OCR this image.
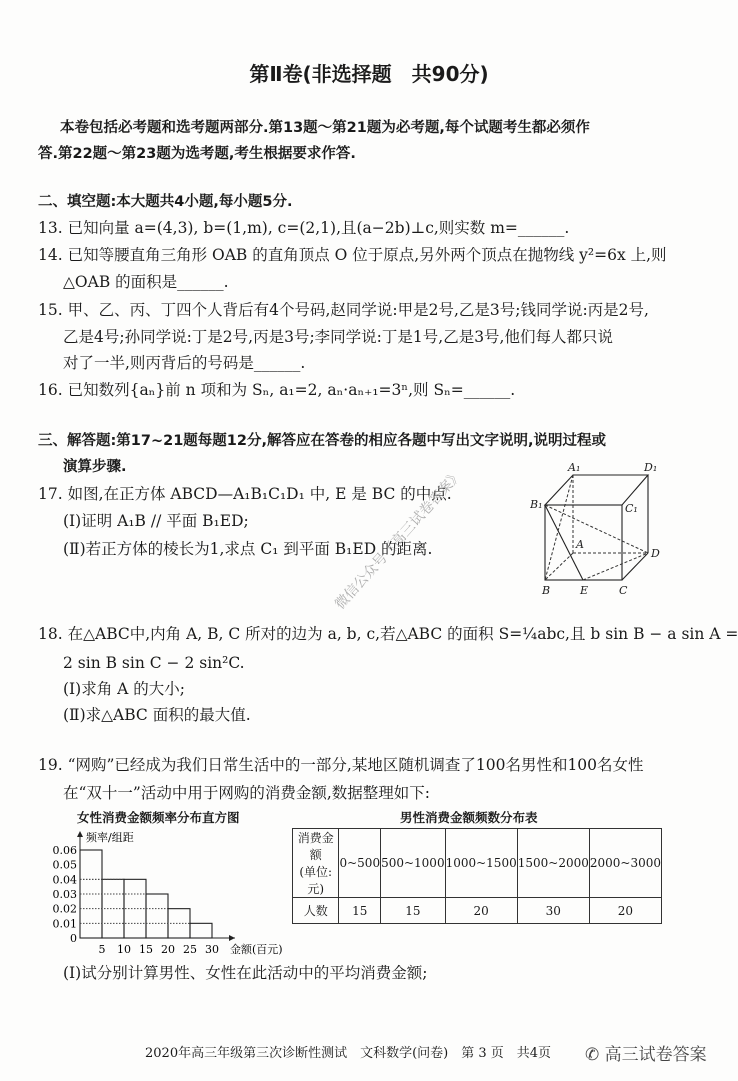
第Ⅱ卷(非选择题　共90分)
本卷包括必考题和选考题两部分.第13题～第21题为必考题,每个试题考生都必须作
答.第22题～第23题为选考题,考生根据要求作答.
二、填空题:本大题共4小题,每小题5分.
13. 已知向量 a=(4,3), b=(1,m), c=(2,1),且(a−2b)⊥c,则实数 m=______.
14. 已知等腰直角三角形 OAB 的直角顶点 O 位于原点,另外两个顶点在抛物线 y²=6x 上,则
△OAB 的面积是______.
15. 甲、乙、丙、丁四个人背后有4个号码,赵同学说:甲是2号,乙是3号;钱同学说:丙是2号,
乙是4号;孙同学说:丁是2号,丙是3号;李同学说:丁是1号,乙是3号,他们每人都只说
对了一半,则丙背后的号码是______.
16. 已知数列{aₙ}前 n 项和为 Sₙ, a₁=2, aₙ·aₙ₊₁=3ⁿ,则 Sₙ=______.
三、解答题:第17~21题每题12分,解答应在答卷的相应各题中写出文字说明,说明过程或
演算步骤.
17. 如图,在正方体 ABCD—A₁B₁C₁D₁ 中, E 是 BC 的中点.
(Ⅰ)证明 A₁B // 平面 B₁ED;
(Ⅱ)若正方体的棱长为1,求点 C₁ 到平面 B₁ED 的距离.
A₁	D₁
B₁	C₁
A
D
B	E	C
微信公众号《高三试卷答案》
18. 在△ABC中,内角 A, B, C 所对的边为 a, b, c,若△ABC 的面积 S=¼abc,且 b sin B − a sin A =
2 sin B sin C − 2 sin²C.
(Ⅰ)求角 A 的大小;
(Ⅱ)求△ABC 面积的最大值.
19. “网购”已经成为我们日常生活中的一部分,某地区随机调查了100名男性和100名女性
在“双十一”活动中用于网购的消费金额,数据整理如下:
女性消费金额频率分布直方图
0
0.01
0.02
0.03
0.04
0.05
0.06
5 10 15 20 25 30
频率/组距
金额(百元)
男性消费金额频数分布表
消费金额
(单位:元)	0~500	500~1000	1000~1500	1500~2000	2000~3000
人数	15	15	20	30	20
(Ⅰ)试分别计算男性、女性在此活动中的平均消费金额;
2020年高三年级第三次诊断性测试　文科数学(问卷)　第 3 页　共4页 ✆ 高三试卷答案
